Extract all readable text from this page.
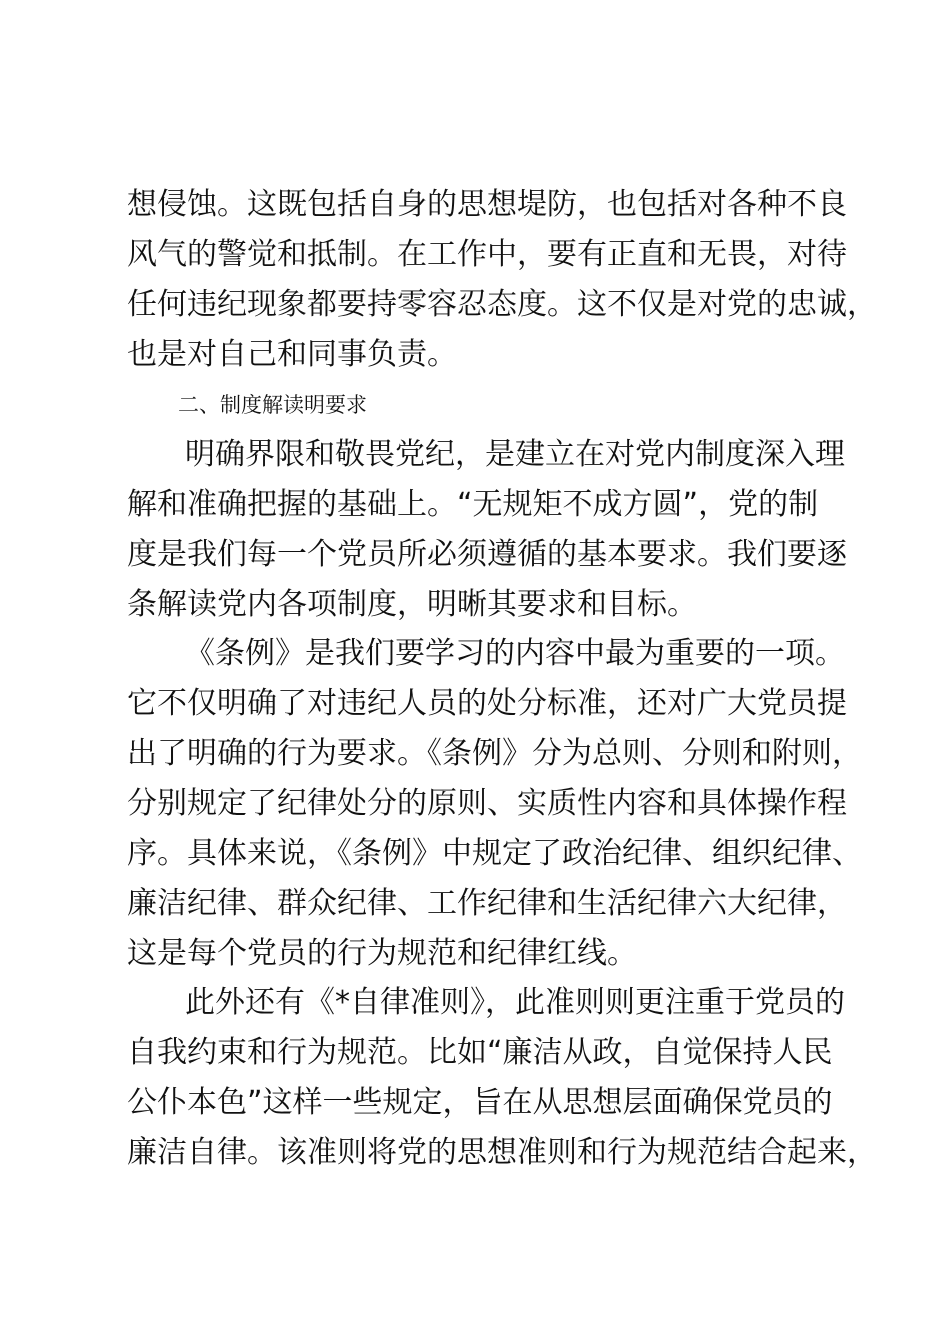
想侵蚀。这既包括自身的思想堤防，也包括对各种不良
风气的警觉和抵制。在工作中，要有正直和无畏，对待
任何违纪现象都要持零容忍态度。这不仅是对党的忠诚，
也是对自己和同事负责。
二、制度解读明要求
明确界限和敬畏党纪，是建立在对党内制度深入理
解和准确把握的基础上。“无规矩不成方圆”，党的制
度是我们每一个党员所必须遵循的基本要求。我们要逐
条解读党内各项制度，明晰其要求和目标。
《条例》是我们要学习的内容中最为重要的一项。
它不仅明确了对违纪人员的处分标准，还对广大党员提
出了明确的行为要求。《条例》分为总则、分则和附则，
分别规定了纪律处分的原则、实质性内容和具体操作程
序。具体来说，《条例》中规定了政治纪律、组织纪律、
廉洁纪律、群众纪律、工作纪律和生活纪律六大纪律，
这是每个党员的行为规范和纪律红线。
此外还有《*自律准则》，此准则则更注重于党员的
自我约束和行为规范。比如“廉洁从政，自觉保持人民
公仆本色”这样一些规定，旨在从思想层面确保党员的
廉洁自律。该准则将党的思想准则和行为规范结合起来，
